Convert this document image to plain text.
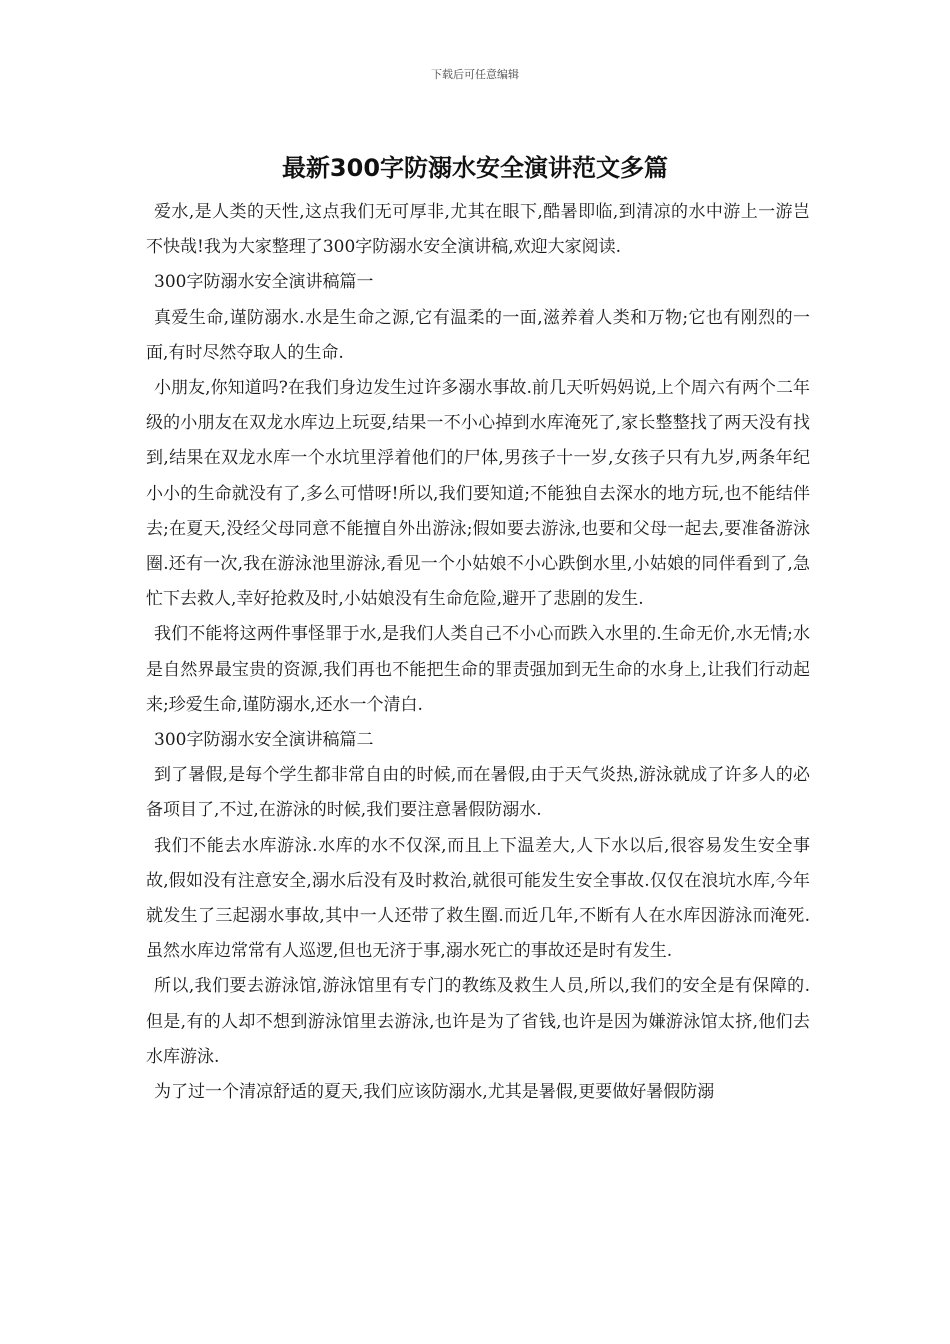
下载后可任意编辑
最新300字防溺水安全演讲范文多篇

爱水,是人类的天性,这点我们无可厚非,尤其在眼下,酷暑即临,到清凉的水中游上一游岂不快哉!我为大家整理了300字防溺水安全演讲稿,欢迎大家阅读.

300字防溺水安全演讲稿篇一

真爱生命,谨防溺水.水是生命之源,它有温柔的一面,滋养着人类和万物;它也有刚烈的一面,有时尽然夺取人的生命.

小朋友,你知道吗?在我们身边发生过许多溺水事故.前几天听妈妈说,上个周六有两个二年级的小朋友在双龙水库边上玩耍,结果一不小心掉到水库淹死了,家长整整找了两天没有找到,结果在双龙水库一个水坑里浮着他们的尸体,男孩子十一岁,女孩子只有九岁,两条年纪小小的生命就没有了,多么可惜呀!所以,我们要知道;不能独自去深水的地方玩,也不能结伴去;在夏天,没经父母同意不能擅自外出游泳;假如要去游泳,也要和父母一起去,要准备游泳圈.还有一次,我在游泳池里游泳,看见一个小姑娘不小心跌倒水里,小姑娘的同伴看到了,急忙下去救人,幸好抢救及时,小姑娘没有生命危险,避开了悲剧的发生.

我们不能将这两件事怪罪于水,是我们人类自己不小心而跌入水里的.生命无价,水无情;水是自然界最宝贵的资源,我们再也不能把生命的罪责强加到无生命的水身上,让我们行动起来;珍爱生命,谨防溺水,还水一个清白.

300字防溺水安全演讲稿篇二

到了暑假,是每个学生都非常自由的时候,而在暑假,由于天气炎热,游泳就成了许多人的必备项目了,不过,在游泳的时候,我们要注意暑假防溺水.

我们不能去水库游泳.水库的水不仅深,而且上下温差大,人下水以后,很容易发生安全事故,假如没有注意安全,溺水后没有及时救治,就很可能发生安全事故.仅仅在浪坑水库,今年就发生了三起溺水事故,其中一人还带了救生圈.而近几年,不断有人在水库因游泳而淹死.虽然水库边常常有人巡逻,但也无济于事,溺水死亡的事故还是时有发生.

所以,我们要去游泳馆,游泳馆里有专门的教练及救生人员,所以,我们的安全是有保障的.但是,有的人却不想到游泳馆里去游泳,也许是为了省钱,也许是因为嫌游泳馆太挤,他们去水库游泳.

为了过一个清凉舒适的夏天,我们应该防溺水,尤其是暑假,更要做好暑假防溺
